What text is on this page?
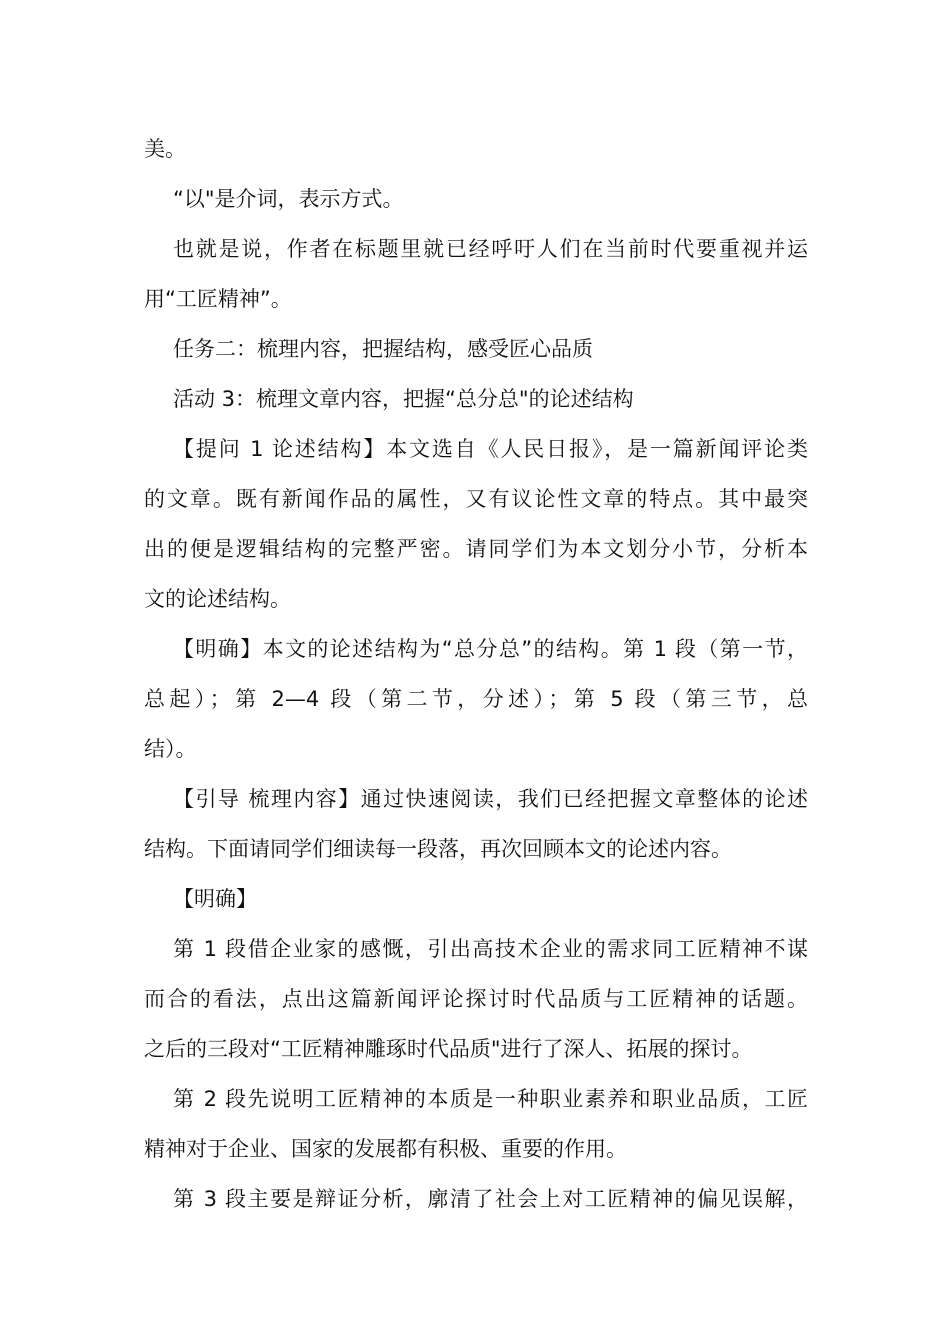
美。
“以"是介词，表示方式。
也就是说，作者在标题里就已经呼吁人们在当前时代要重视并运
用“工匠精神”。
任务二：梳理内容，把握结构，感受匠心品质
活动 3：梳理文章内容，把握“总分总"的论述结构
【提问 1 论述结构】本文选自《人民日报》，是一篇新闻评论类
的文章。既有新闻作品的属性，又有议论性文章的特点。其中最突
出的便是逻辑结构的完整严密。请同学们为本文划分小节，分析本
文的论述结构。
【明确】本文的论述结构为“总分总”的结构。第 1 段（第一节，
总起）；第 2—4 段（第二节，分述）；第 5 段（第三节，总
结）。
【引导 梳理内容】通过快速阅读，我们已经把握文章整体的论述
结构。下面请同学们细读每一段落，再次回顾本文的论述内容。
【明确】
第 1 段借企业家的感慨，引出高技术企业的需求同工匠精神不谋
而合的看法，点出这篇新闻评论探讨时代品质与工匠精神的话题。
之后的三段对“工匠精神雕琢时代品质"进行了深人、拓展的探讨。
第 2 段先说明工匠精神的本质是一种职业素养和职业品质，工匠
精神对于企业、国家的发展都有积极、重要的作用。
第 3 段主要是辩证分析，廓清了社会上对工匠精神的偏见误解，
